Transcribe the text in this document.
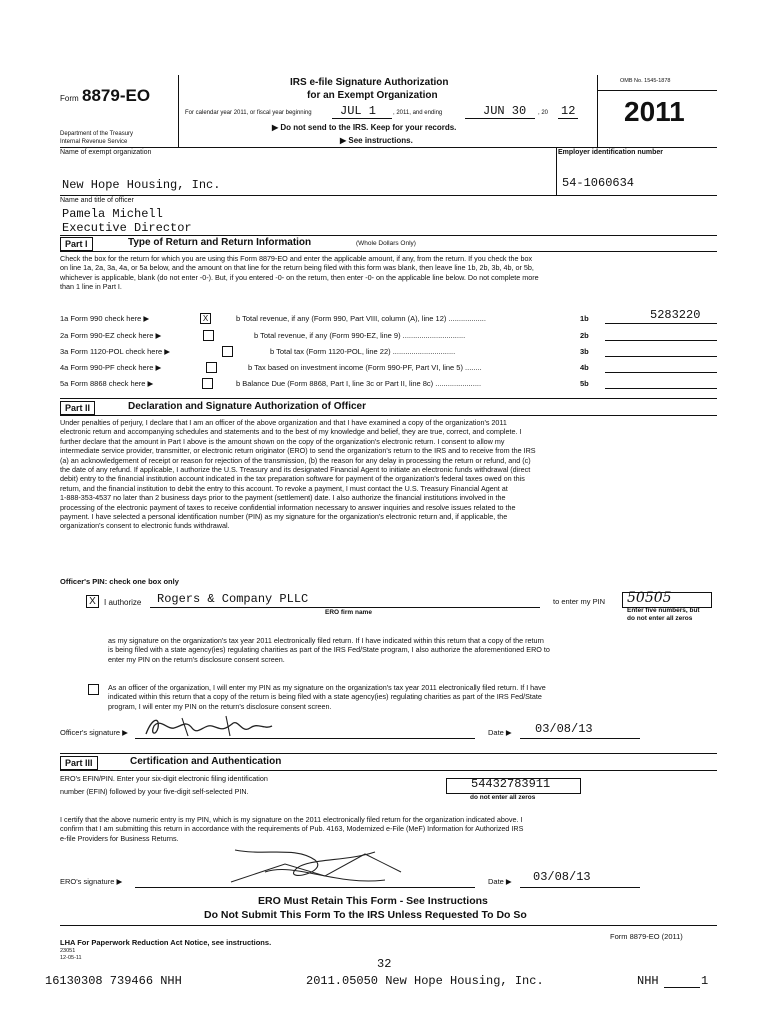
Form 8879-EO
Department of the Treasury
Internal Revenue Service
IRS e-file Signature Authorization
for an Exempt Organization
For calendar year 2011, or fiscal year beginning JUL 1	, 2011, and ending	JUN 30 , 20 12
▶ Do not send to the IRS. Keep for your records.
▶ See instructions.
OMB No. 1545-1878
2011
Name of exempt organization	Employer identification number
New Hope Housing, Inc.	54-1060634
Name and title of officer
Pamela Michell
Executive Director
Part I	Type of Return and Return Information	(Whole Dollars Only)
Check the box for the return for which you are using this Form 8879-EO and enter the applicable amount, if any, from the return. If you check the box
on line 1a, 2a, 3a, 4a, or 5a below, and the amount on that line for the return being filed with this form was blank, then leave line 1b, 2b, 3b, 4b, or 5b,
whichever is applicable, blank (do not enter -0-). But, if you entered -0- on the return, then enter -0- on the applicable line below. Do not complete more
than 1 line in Part I.
1a Form 990 check here ▶	X	b Total revenue, if any (Form 990, Part VIII, column (A), line 12) ..................	1b	5283220
2a Form 990-EZ check here ▶	b Total revenue, if any (Form 990-EZ, line 9) ..............................	2b
3a Form 1120-POL check here ▶	b Total tax (Form 1120-POL, line 22) ..............................	3b
4a Form 990-PF check here ▶	b Tax based on investment income (Form 990-PF, Part VI, line 5) ........	4b
5a Form 8868 check here ▶	b Balance Due (Form 8868, Part I, line 3c or Part II, line 8c) ......................	5b
Part II	Declaration and Signature Authorization of Officer
Under penalties of perjury, I declare that I am an officer of the above organization and that I have examined a copy of the organization's 2011
electronic return and accompanying schedules and statements and to the best of my knowledge and belief, they are true, correct, and complete. I
further declare that the amount in Part I above is the amount shown on the copy of the organization's electronic return. I consent to allow my
intermediate service provider, transmitter, or electronic return originator (ERO) to send the organization's return to the IRS and to receive from the IRS
(a) an acknowledgement of receipt or reason for rejection of the transmission, (b) the reason for any delay in processing the return or refund, and (c)
the date of any refund. If applicable, I authorize the U.S. Treasury and its designated Financial Agent to initiate an electronic funds withdrawal (direct
debit) entry to the financial institution account indicated in the tax preparation software for payment of the organization's federal taxes owed on this
return, and the financial institution to debit the entry to this account. To revoke a payment, I must contact the U.S. Treasury Financial Agent at
1-888-353-4537 no later than 2 business days prior to the payment (settlement) date. I also authorize the financial institutions involved in the
processing of the electronic payment of taxes to receive confidential information necessary to answer inquiries and resolve issues related to the
payment. I have selected a personal identification number (PIN) as my signature for the organization's electronic return and, if applicable, the
organization's consent to electronic funds withdrawal.
Officer's PIN: check one box only
X	I authorize Rogers & Company PLLC
ERO firm name
to enter my PIN 50505
Enter five numbers, but
do not enter all zeros
as my signature on the organization's tax year 2011 electronically filed return. If I have indicated within this return that a copy of the return
is being filed with a state agency(ies) regulating charities as part of the IRS Fed/State program, I also authorize the aforementioned ERO to
enter my PIN on the return's disclosure consent screen.
As an officer of the organization, I will enter my PIN as my signature on the organization's tax year 2011 electronically filed return. If I have
indicated within this return that a copy of the return is being filed with a state agency(ies) regulating charities as part of the IRS Fed/State
program, I will enter my PIN on the return's disclosure consent screen.
Officer's signature ▶	Date ▶ 03/08/13
Part III	Certification and Authentication
ERO's EFIN/PIN. Enter your six-digit electronic filing identification
number (EFIN) followed by your five-digit self-selected PIN.
54432783911
do not enter all zeros
I certify that the above numeric entry is my PIN, which is my signature on the 2011 electronically filed return for the organization indicated above. I
confirm that I am submitting this return in accordance with the requirements of Pub. 4163, Modernized e-File (MeF) Information for Authorized IRS
e-file Providers for Business Returns.
ERO's signature ▶	Date ▶ 03/08/13
ERO Must Retain This Form - See Instructions
Do Not Submit This Form To the IRS Unless Requested To Do So
LHA For Paperwork Reduction Act Notice, see instructions.
Form 8879-EO (2011)
23051
12-05-11	32
16130308 739466 NHH	2011.05050 New Hope Housing, Inc.	NHH	1
